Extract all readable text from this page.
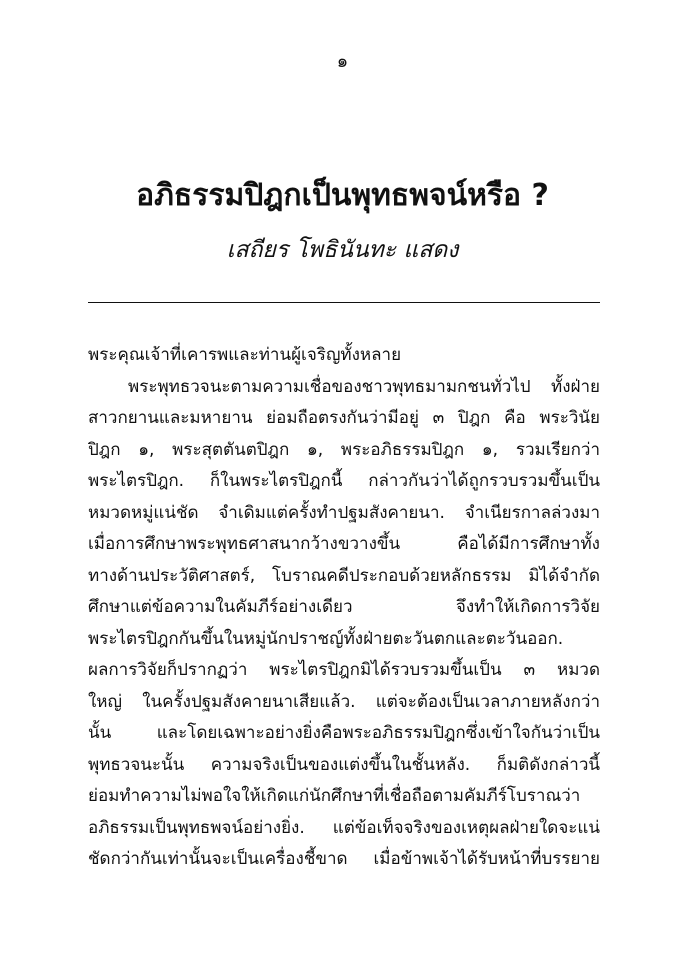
๑
อภิธรรมปิฎกเป็นพุทธพจน์หรือ ?
เสถียร โพธินันทะ แสดง
พระคุณเจ้าที่เคารพและท่านผู้เจริญทั้งหลาย
พระพุทธวจนะตามความเชื่อของชาวพุทธมามกชนทั่วไป ทั้งฝ่าย
สาวกยานและมหายาน ย่อมถือตรงกันว่ามีอยู่ ๓ ปิฎก คือ พระวินัย
ปิฎก ๑, พระสุตตันตปิฎก ๑, พระอภิธรรมปิฎก ๑, รวมเรียกว่า
พระไตรปิฎก. ก็ในพระไตรปิฎกนี้ กล่าวกันว่าได้ถูกรวบรวมขึ้นเป็น
หมวดหมู่แน่ชัด จำเดิมแต่ครั้งทำปฐมสังคายนา. จำเนียรกาลล่วงมา
เมื่อการศึกษาพระพุทธศาสนากว้างขวางขึ้น คือได้มีการศึกษาทั้ง
ทางด้านประวัติศาสตร์, โบราณคดีประกอบด้วยหลักธรรม มิได้จำกัด
ศึกษาแต่ข้อความในคัมภีร์อย่างเดียว จึงทำให้เกิดการวิจัย
พระไตรปิฎกกันขึ้นในหมู่นักปราชญ์ทั้งฝ่ายตะวันตกและตะวันออก.
ผลการวิจัยก็ปรากฏว่า พระไตรปิฎกมิได้รวบรวมขึ้นเป็น ๓ หมวด
ใหญ่ ในครั้งปฐมสังคายนาเสียแล้ว. แต่จะต้องเป็นเวลาภายหลังกว่า
นั้น และโดยเฉพาะอย่างยิ่งคือพระอภิธรรมปิฎกซึ่งเข้าใจกันว่าเป็น
พุทธวจนะนั้น ความจริงเป็นของแต่งขึ้นในชั้นหลัง. ก็มติดังกล่าวนี้
ย่อมทำความไม่พอใจให้เกิดแก่นักศึกษาที่เชื่อถือตามคัมภีร์โบราณว่า
อภิธรรมเป็นพุทธพจน์อย่างยิ่ง. แต่ข้อเท็จจริงของเหตุผลฝ่ายใดจะแน่
ชัดกว่ากันเท่านั้นจะเป็นเครื่องชี้ขาด เมื่อข้าพเจ้าได้รับหน้าที่บรรยาย
